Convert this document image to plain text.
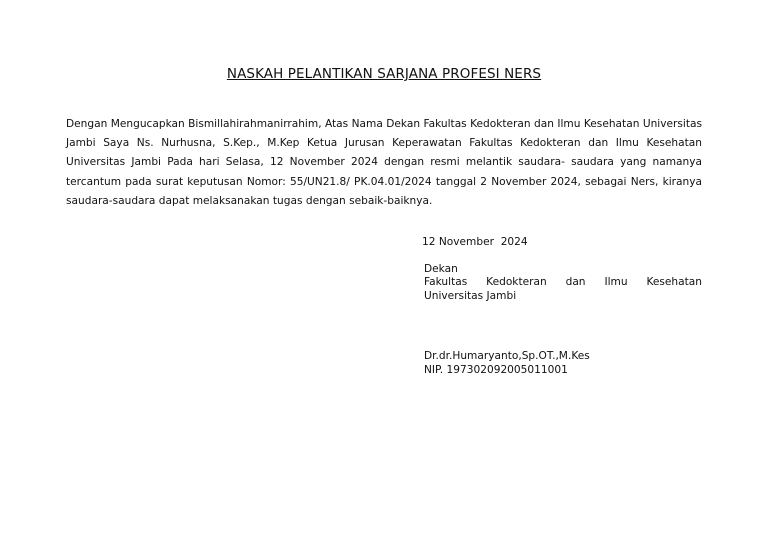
NASKAH PELANTIKAN SARJANA PROFESI NERS
Dengan Mengucapkan Bismillahirahmanirrahim, Atas Nama Dekan Fakultas Kedokteran dan Ilmu Kesehatan Universitas Jambi Saya Ns. Nurhusna, S.Kep., M.Kep Ketua Jurusan Keperawatan Fakultas Kedokteran dan Ilmu Kesehatan Universitas Jambi Pada hari Selasa, 12 November 2024 dengan resmi melantik saudara- saudara yang namanya tercantum pada surat keputusan Nomor: 55/UN21.8/ PK.04.01/2024 tanggal 2 November 2024, sebagai Ners, kiranya saudara-saudara dapat melaksanakan tugas dengan sebaik-baiknya.
12 November  2024
Dekan
Fakultas Kedokteran dan Ilmu Kesehatan
Universitas Jambi
Dr.dr.Humaryanto,Sp.OT.,M.Kes
NIP. 197302092005011001
